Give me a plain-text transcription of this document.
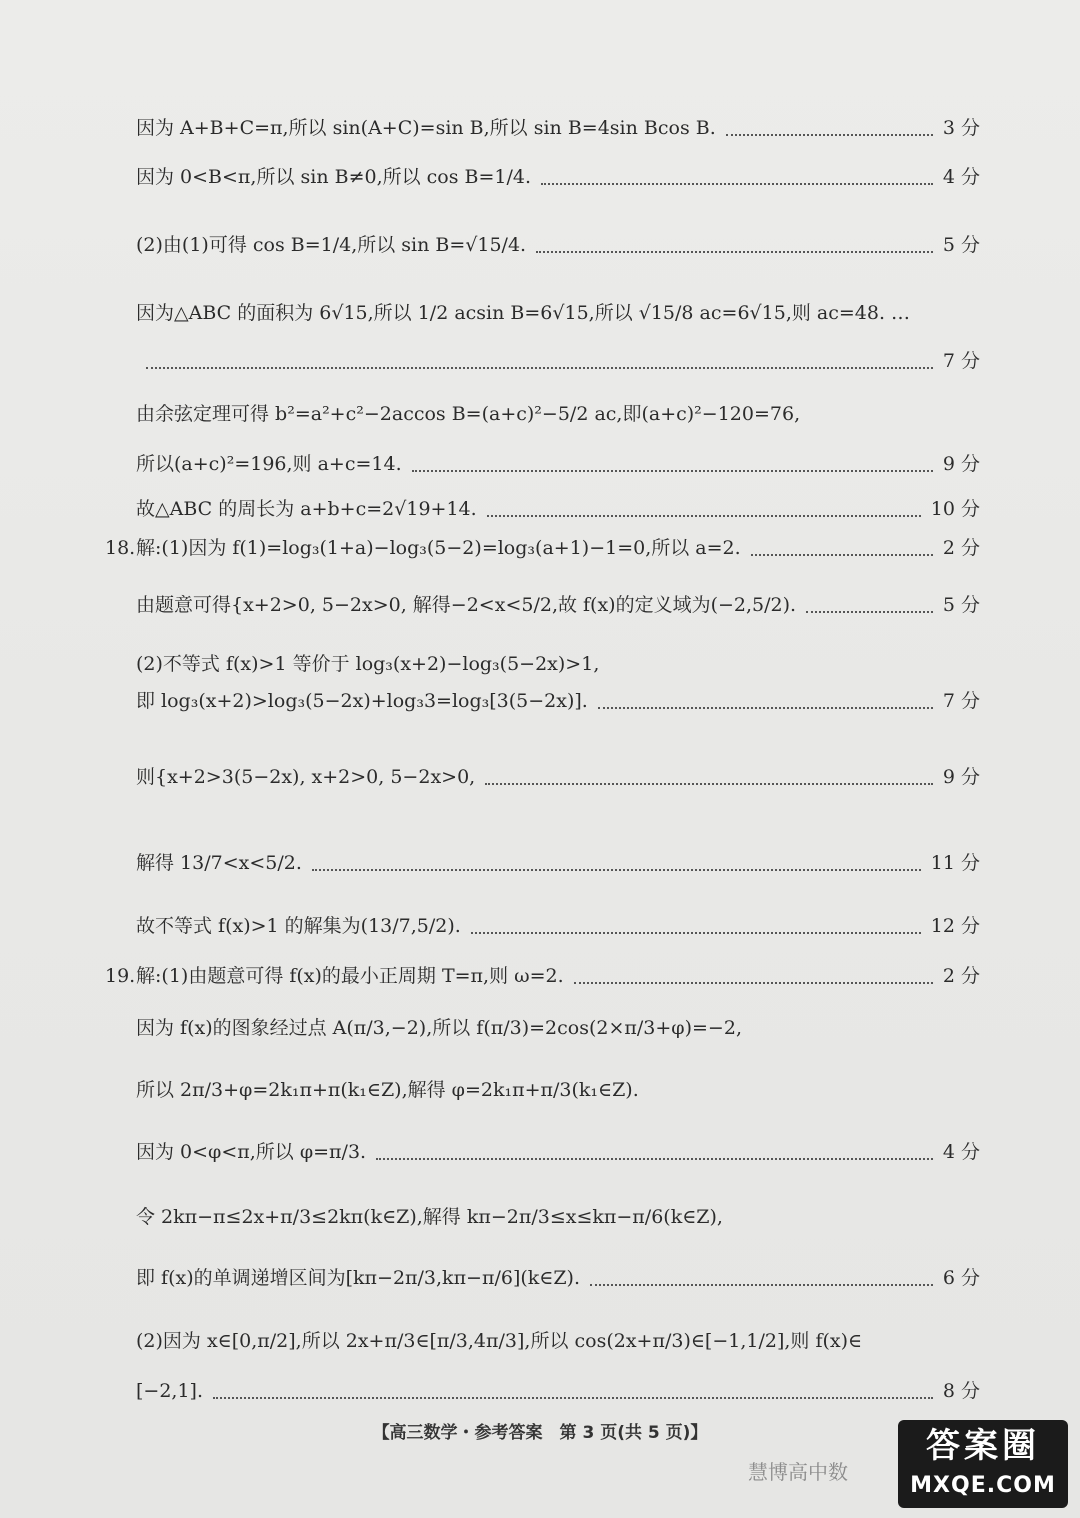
因为 A+B+C=π,所以 sin(A+C)=sin B,所以 sin B=4sin Bcos B.	3 分
因为 0<B<π,所以 sin B≠0,所以 cos B=1/4.	4 分
(2)由(1)可得 cos B=1/4,所以 sin B=√15/4.	5 分
因为△ABC 的面积为 6√15,所以 1/2 acsin B=6√15,所以 √15/8 ac=6√15,则 ac=48. …
7 分
由余弦定理可得 b²=a²+c²−2accos B=(a+c)²−5/2 ac,即(a+c)²−120=76,
所以(a+c)²=196,则 a+c=14.	9 分
故△ABC 的周长为 a+b+c=2√19+14.	10 分
18. 解:(1)因为 f(1)=log₃(1+a)−log₃(5−2)=log₃(a+1)−1=0,所以 a=2.	2 分
由题意可得{x+2>0, 5−2x>0, 解得−2<x<5/2,故 f(x)的定义域为(−2,5/2).	5 分
(2)不等式 f(x)>1 等价于 log₃(x+2)−log₃(5−2x)>1,
即 log₃(x+2)>log₃(5−2x)+log₃3=log₃[3(5−2x)].	7 分
则{x+2>3(5−2x), x+2>0, 5−2x>0,	9 分
解得 13/7<x<5/2.	11 分
故不等式 f(x)>1 的解集为(13/7,5/2).	12 分
19. 解:(1)由题意可得 f(x)的最小正周期 T=π,则 ω=2.	2 分
因为 f(x)的图象经过点 A(π/3,−2),所以 f(π/3)=2cos(2×π/3+φ)=−2,
所以 2π/3+φ=2k₁π+π(k₁∈Z),解得 φ=2k₁π+π/3(k₁∈Z).
因为 0<φ<π,所以 φ=π/3.	4 分
令 2kπ−π≤2x+π/3≤2kπ(k∈Z),解得 kπ−2π/3≤x≤kπ−π/6(k∈Z),
即 f(x)的单调递增区间为[kπ−2π/3,kπ−π/6](k∈Z).	6 分
(2)因为 x∈[0,π/2],所以 2x+π/3∈[π/3,4π/3],所以 cos(2x+π/3)∈[−1,1/2],则 f(x)∈
[−2,1].	8 分
【高三数学・参考答案　第 3 页(共 5 页)】
慧博高中数
答案圈
MXQE.COM
